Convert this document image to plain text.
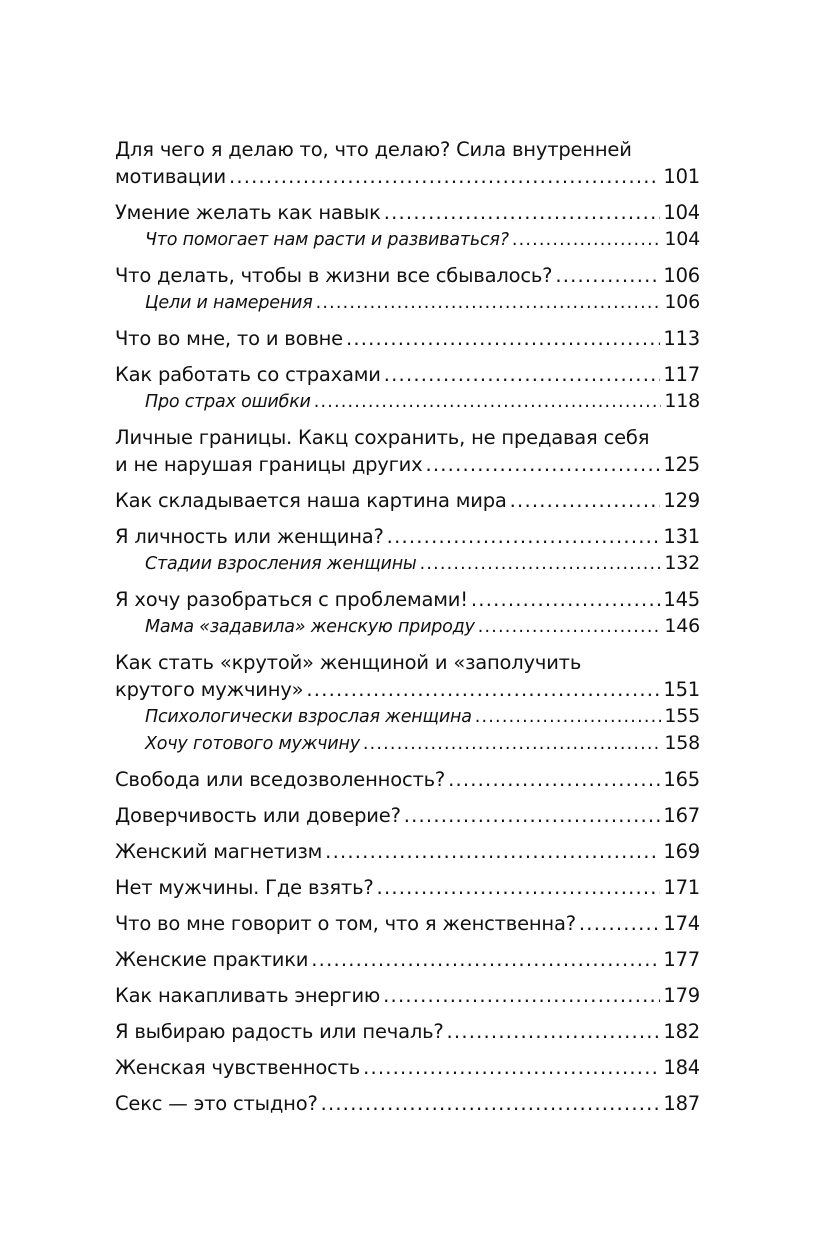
Для чего я делаю то, что делаю? Сила внутренней
мотивации .....	101
Умение желать как навык .....	104
Что помогает нам расти и развиваться? .....	104
Что делать, чтобы в жизни все сбывалось? .....	106
Цели и намерения .....	106
Что во мне, то и вовне .....	113
Как работать со страхами .....	117
Про страх ошибки .....	118
Личные границы. Какц сохранить, не предавая себя
и не нарушая границы других .....	125
Как складывается наша картина мира .....	129
Я личность или женщина? .....	131
Стадии взросления женщины .....	132
Я хочу разобраться с проблемами! .....	145
Мама «задавила» женскую природу .....	146
Как стать «крутой» женщиной и «заполучить
крутого мужчину» .....	151
Психологически взрослая женщина .....	155
Хочу готового мужчину .....	158
Свобода или вседозволенность? .....	165
Доверчивость или доверие? .....	167
Женский магнетизм .....	169
Нет мужчины. Где взять? .....	171
Что во мне говорит о том, что я женственна? .....	174
Женские практики .....	177
Как накапливать энергию .....	179
Я выбираю радость или печаль? .....	182
Женская чувственность .....	184
Секс — это стыдно? .....	187
